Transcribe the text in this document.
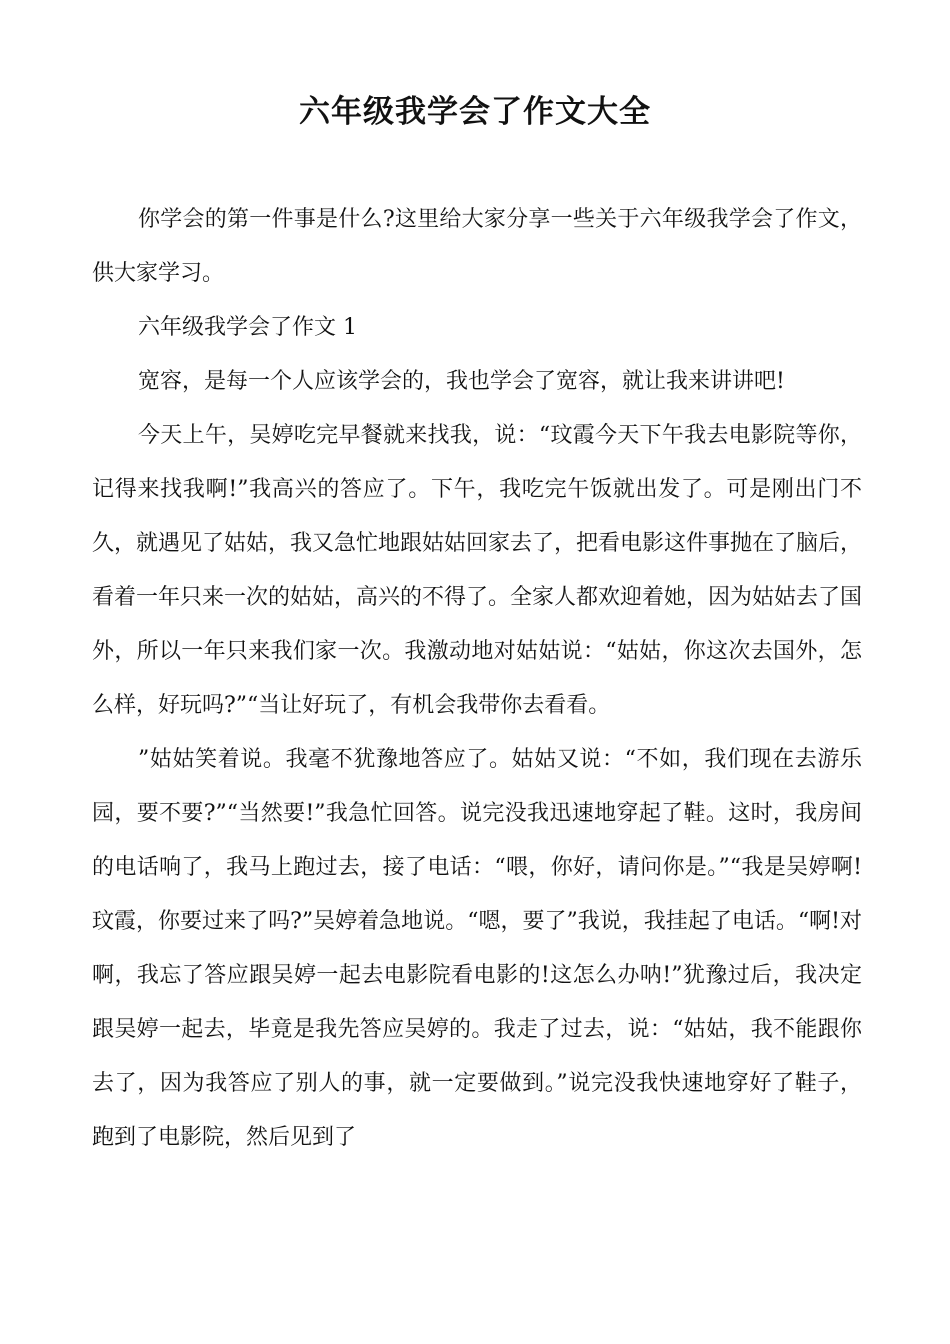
六年级我学会了作文大全

你学会的第一件事是什么?这里给大家分享一些关于六年级我学会了作文，供大家学习。

六年级我学会了作文 1

宽容，是每一个人应该学会的，我也学会了宽容，就让我来讲讲吧!

今天上午，吴婷吃完早餐就来找我，说：“玟霞今天下午我去电影院等你，记得来找我啊!”我高兴的答应了。下午，我吃完午饭就出发了。可是刚出门不久，就遇见了姑姑，我又急忙地跟姑姑回家去了，把看电影这件事抛在了脑后，看着一年只来一次的姑姑，高兴的不得了。全家人都欢迎着她，因为姑姑去了国外，所以一年只来我们家一次。我激动地对姑姑说：“姑姑，你这次去国外，怎么样，好玩吗?”“当让好玩了，有机会我带你去看看。

”姑姑笑着说。我毫不犹豫地答应了。姑姑又说：“不如，我们现在去游乐园，要不要?”“当然要!”我急忙回答。说完没我迅速地穿起了鞋。这时，我房间的电话响了，我马上跑过去，接了电话：“喂，你好，请问你是。”“我是吴婷啊!玟霞，你要过来了吗?”吴婷着急地说。“嗯，要了”我说，我挂起了电话。“啊!对啊，我忘了答应跟吴婷一起去电影院看电影的!这怎么办呐!”犹豫过后，我决定跟吴婷一起去，毕竟是我先答应吴婷的。我走了过去，说：“姑姑，我不能跟你去了，因为我答应了别人的事，就一定要做到。”说完没我快速地穿好了鞋子，跑到了电影院，然后见到了
